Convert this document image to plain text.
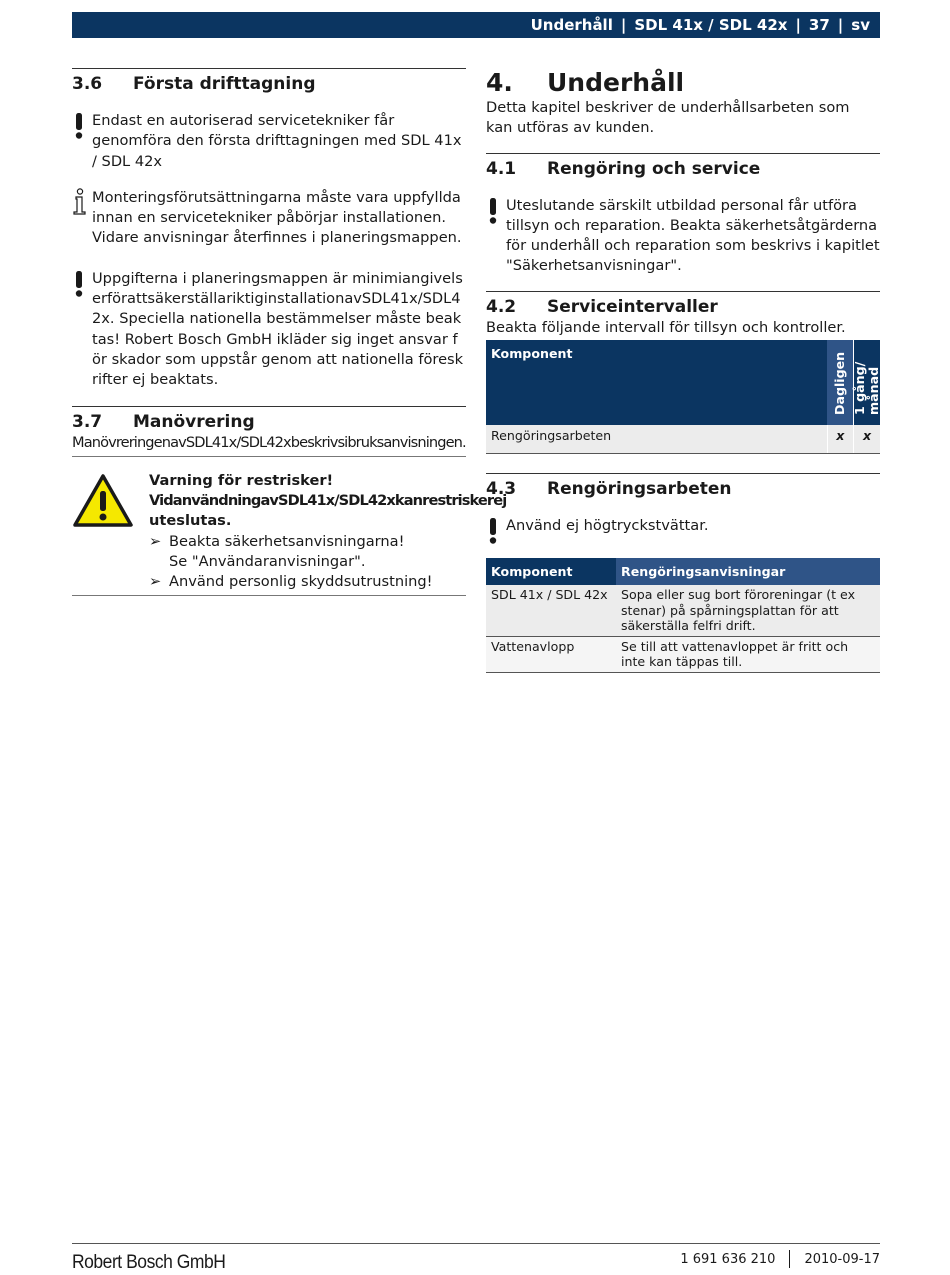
Underhåll | SDL 41x / SDL 42x | 37 | sv
3.6	Första drifttagning
Endast en autoriserad servicetekniker får genomföra den första drifttagningen med SDL 41x / SDL 42x
Monteringsförutsättningarna måste vara uppfyllda innan en servicetekniker påbörjar installationen. Vidare anvisningar återfinnes i planeringsmappen.
Uppgifterna i planeringsmappen är minimiangivelserförattsäkerställariktiginstallationavSDL41x/SDL42x. Speciella nationella bestämmelser måste beaktas! Robert Bosch GmbH ikläder sig inget ansvar för skador som uppstår genom att nationella föreskrifter ej beaktats.
3.7	Manövrering
ManövreringenavSDL41x/SDL42xbeskrivsibruksanvisningen.
Varning för restrisker!
VidanvändningavSDL41x/SDL42xkanrestriskerej
uteslutas.
➢ Beakta säkerhetsanvisningarna!
Se "Användaranvisningar".
➢ Använd personlig skyddsutrustning!
4.	Underhåll
Detta kapitel beskriver de underhållsarbeten som kan utföras av kunden.
4.1	Rengöring och service
Uteslutande särskilt utbildad personal får utföra tillsyn och reparation. Beakta säkerhetsåtgärderna för underhåll och reparation som beskrivs i kapitlet "Säkerhetsanvisningar".
4.2	Serviceintervaller
Beakta följande intervall för tillsyn och kontroller.
Komponent	Dagligen	1 gång/
månad

Rengöringsarbeten	x	x
4.3	Rengöringsarbeten
Använd ej högtryckstvättar.
Komponent	Rengöringsanvisningar
SDL 41x / SDL 42x	Sopa eller sug bort föroreningar (t ex stenar) på spårningsplattan för att säkerställa felfri drift.
Vattenavlopp	Se till att vattenavloppet är fritt och inte kan täppas till.
Robert Bosch GmbH	1 691 636 210 2010-09-17
